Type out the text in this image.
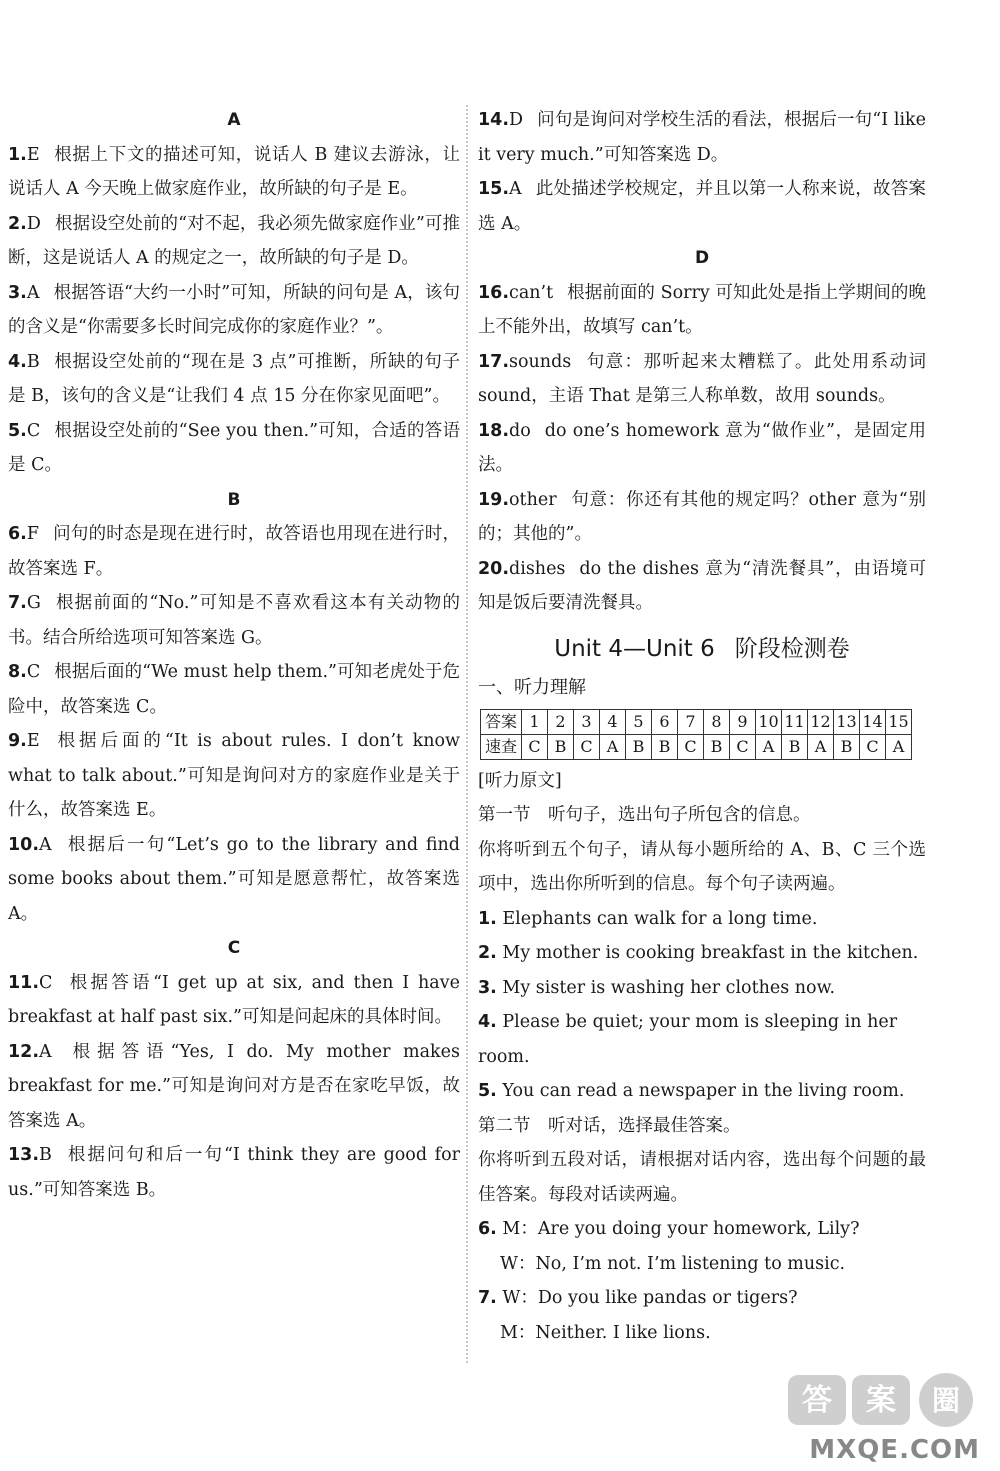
A
1.E 根据上下文的描述可知，说话人 B 建议去游泳，让说话人 A 今天晚上做家庭作业，故所缺的句子是 E。
2.D 根据设空处前的“对不起，我必须先做家庭作业”可推断，这是说话人 A 的规定之一，故所缺的句子是 D。
3.A 根据答语“大约一小时”可知，所缺的问句是 A，该句的含义是“你需要多长时间完成你的家庭作业？”。
4.B 根据设空处前的“现在是 3 点”可推断，所缺的句子是 B，该句的含义是“让我们 4 点 15 分在你家见面吧”。
5.C 根据设空处前的“See you then.”可知，合适的答语是 C。
B
6.F 问句的时态是现在进行时，故答语也用现在进行时，故答案选 F。
7.G 根据前面的“No.”可知是不喜欢看这本有关动物的书。结合所给选项可知答案选 G。
8.C 根据后面的“We must help them.”可知老虎处于危险中，故答案选 C。
9.E 根据后面的“It is about rules. I don’t know what to talk about.”可知是询问对方的家庭作业是关于什么，故答案选 E。
10.A 根据后一句“Let’s go to the library and find some books about them.”可知是愿意帮忙，故答案选 A。
C
11.C 根据答语“I get up at six, and then I have breakfast at half past six.”可知是问起床的具体时间。
12.A 根据答语“Yes, I do. My mother makes breakfast for me.”可知是询问对方是否在家吃早饭，故答案选 A。
13.B 根据问句和后一句“I think they are good for us.”可知答案选 B。
14.D 问句是询问对学校生活的看法，根据后一句“I like it very much.”可知答案选 D。
15.A 此处描述学校规定，并且以第一人称来说，故答案选 A。
D
16.can’t 根据前面的 Sorry 可知此处是指上学期间的晚上不能外出，故填写 can’t。
17.sounds 句意：那听起来太糟糕了。此处用系动词 sound，主语 That 是第三人称单数，故用 sounds。
18.do do one’s homework 意为“做作业”，是固定用法。
19.other 句意：你还有其他的规定吗？other 意为“别的；其他的”。
20.dishes do the dishes 意为“清洗餐具”，由语境可知是饭后要清洗餐具。
Unit 4—Unit 6 阶段检测卷
一、听力理解
答案	1	2	3	4	5	6	7	8	9	10	11	12	13	14	15
速查	C	B	C	A	B	B	C	B	C	A	B	A	B	C	A
[听力原文]
第一节　听句子，选出句子所包含的信息。
你将听到五个句子，请从每小题所给的 A、B、C 三个选项中，选出你所听到的信息。每个句子读两遍。
1. Elephants can walk for a long time.
2. My mother is cooking breakfast in the kitchen.
3. My sister is washing her clothes now.
4. Please be quiet; your mom is sleeping in her room.
5. You can read a newspaper in the living room.
第二节　听对话，选择最佳答案。
你将听到五段对话，请根据对话内容，选出每个问题的最佳答案。每段对话读两遍。
6. M：Are you doing your homework, Lily?
W：No, I’m not. I’m listening to music.
7. W：Do you like pandas or tigers?
M：Neither. I like lions.
答 案 圈
MXQE.COM
